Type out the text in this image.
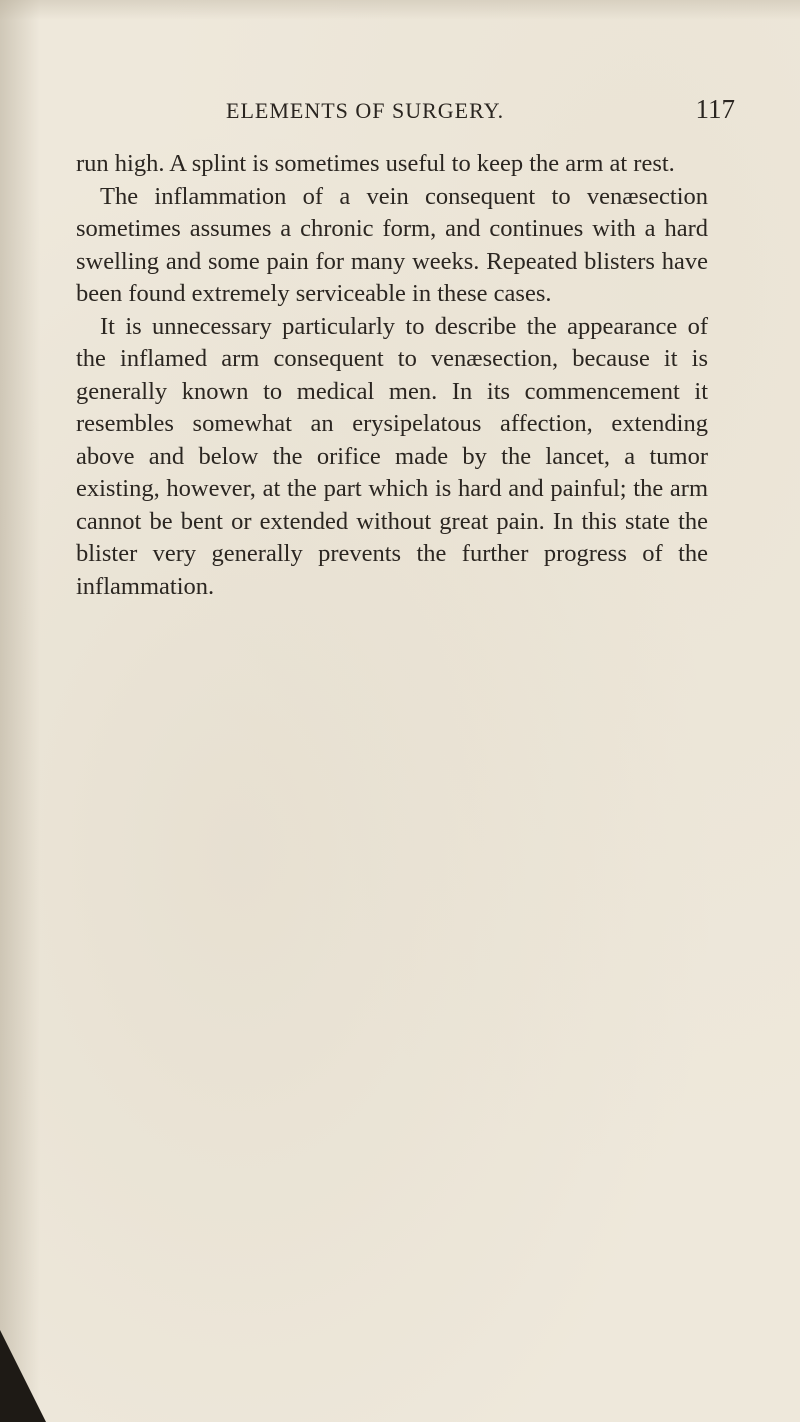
ELEMENTS OF SURGERY.	117

run high. A splint is sometimes useful to keep the arm at rest.

The inflammation of a vein consequent to venæsection sometimes assumes a chronic form, and continues with a hard swelling and some pain for many weeks. Repeated blisters have been found extremely serviceable in these cases.

It is unnecessary particularly to describe the appearance of the inflamed arm consequent to venæsection, because it is generally known to medical men. In its commencement it resembles somewhat an erysipelatous affection, extending above and below the orifice made by the lancet, a tumor existing, however, at the part which is hard and painful; the arm cannot be bent or extended without great pain. In this state the blister very generally prevents the further progress of the inflammation.
